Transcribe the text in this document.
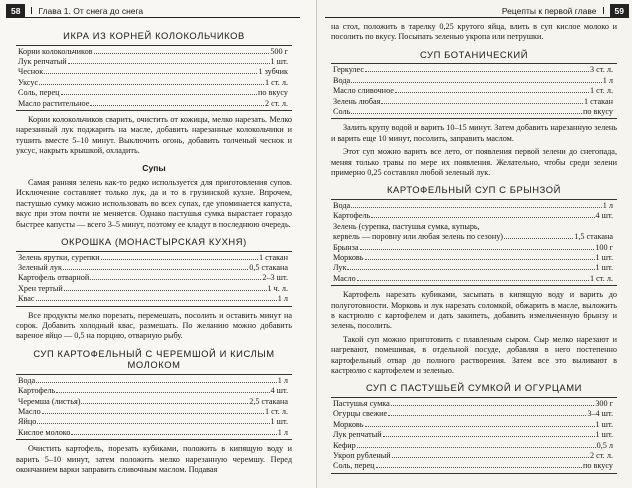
58	Глава 1. От снега до снега
ИКРА ИЗ КОРНЕЙ КОЛОКОЛЬЧИКОВ
Корни колокольчиков	500 г
Лук репчатый	1 шт.
Чеснок	1 зубчик
Уксус	1 ст. л.
Соль, перец	по вкусу
Масло растительное	2 ст. л.

Корни колокольчиков сварить, очистить от кожицы, мелко нарезать. Мелко нарезанный лук поджарить на масле, добавить нарезанные колокольчики и тушить вместе 5–10 минут. Выключить огонь, добавить толченый чеснок и уксус, накрыть крышкой, охладить.

Супы

Самая ранняя зелень как-то редко используется для приготовления супов. Исключение составляет только лук, да и то в грузинской кухне. Впрочем, пастушью сумку можно использовать во всех супах, где упоминается капуста, вкус при этом почти не меняется. Однако пастушья сумка вырастает гораздо быстрее капусты — всего 3–5 минут, поэтому ее кладут в последнюю очередь.

ОКРОШКА (МОНАСТЫРСКАЯ КУХНЯ)
Зелень ярутки, сурепки	1 стакан
Зеленый лук	0,5 стакана
Картофель отварной	2–3 шт.
Хрен тертый	1 ч. л.
Квас	1 л

Все продукты мелко порезать, перемешать, посолить и оставить минут на сорок. Добавить холодный квас, размешать. По желанию можно добавить вареное яйцо — 0,5 на порцию, отварную рыбу.

СУП КАРТОФЕЛЬНЫЙ С ЧЕРЕМШОЙ И КИСЛЫМ МОЛОКОМ
Вода	1 л
Картофель	4 шт.
Черемша (листья)	2,5 стакана
Масло	1 ст. л.
Яйцо	1 шт.
Кислое молоко	1 л

Очистить картофель, порезать кубиками, положить в кипящую воду и варить 5–10 минут, затем положить мелко нарезанную черемшу. Перед окончанием варки заправить сливочным маслом. Подавая

Рецепты к первой главе	59

на стол, положить в тарелку 0,25 крутого яйца, влить в суп кислое молоко и посолить по вкусу. Посыпать зеленью укропа или петрушки.

СУП БОТАНИЧЕСКИЙ
Геркулес	3 ст. л.
Вода	1 л
Масло сливочное	1 ст. л.
Зелень любая	1 стакан
Соль	по вкусу

Залить крупу водой и варить 10–15 минут. Затем добавить нарезанную зелень и варить еще 10 минут, посолить, заправить маслом.

Этот суп можно варить все лето, от появления первой зелени до снегопада, меняя только травы по мере их появления. Желательно, чтобы среди зелени примерно 0,25 составлял любой зеленый лук.

КАРТОФЕЛЬНЫЙ СУП С БРЫНЗОЙ
Вода	1 л
Картофель	4 шт.
Зелень (сурепка, пастушья сумка, купырь,
кервель — поровну или любая зелень по сезону)	1,5 стакана
Брынза	100 г
Морковь	1 шт.
Лук	1 шт.
Масло	1 ст. л.

Картофель нарезать кубиками, засыпать в кипящую воду и варить до полуготовности. Морковь и лук нарезать соломкой, обжарить в масле, выложить в кастрюлю с картофелем и дать закипеть, добавить измельченную брынзу и зелень, посолить.

Такой суп можно приготовить с плавленым сыром. Сыр мелко нарезают и нагревают, помешивая, в отдельной посуде, добавляя в него постепенно картофельный отвар до полного растворения. Затем все это выливают в кастрюлю с картофелем и зеленью.

СУП С ПАСТУШЬЕЙ СУМКОЙ И ОГУРЦАМИ
Пастушья сумка	300 г
Огурцы свежие	3–4 шт.
Морковь	1 шт.
Лук репчатый	1 шт.
Кефир	0,5 л
Укроп рубленый	2 ст. л.
Соль, перец	по вкусу
